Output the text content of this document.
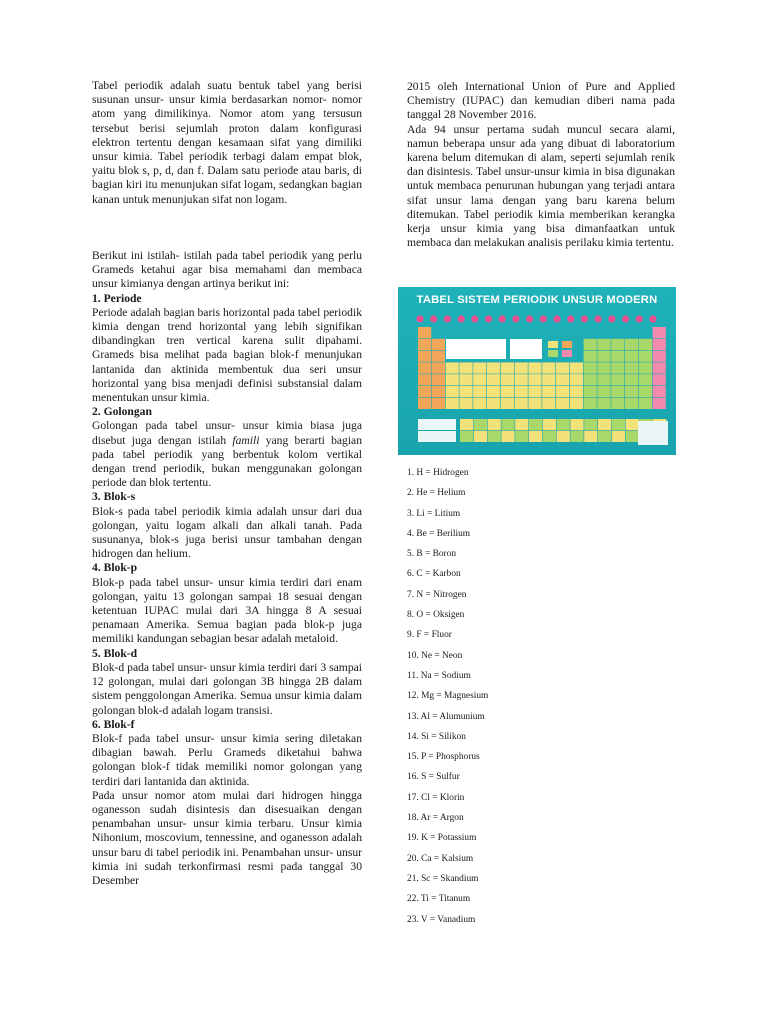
Tabel periodik adalah suatu bentuk tabel yang berisi susunan unsur- unsur kimia berdasarkan nomor- nomor atom yang dimilikinya. Nomor atom yang tersusun tersebut berisi sejumlah proton dalam konfigurasi elektron tertentu dengan kesamaan sifat yang dimiliki unsur kimia. Tabel periodik terbagi dalam empat blok, yaitu blok s, p, d, dan f. Dalam satu periode atau baris, di bagian kiri itu menunjukan sifat logam, sedangkan bagian kanan untuk menunjukan sifat non logam.

Berikut ini istilah- istilah pada tabel periodik yang perlu Grameds ketahui agar bisa memahami dan membaca unsur kimianya dengan artinya berikut ini:

1. Periode

Periode adalah bagian baris horizontal pada tabel periodik kimia dengan trend horizontal yang lebih signifikan dibandingkan tren vertical karena sulit dipahami. Grameds bisa melihat pada bagian blok-f menunjukan lantanida dan aktinida membentuk dua seri unsur horizontal yang bisa menjadi definisi substansial dalam menentukan unsur kimia.

2. Golongan

Golongan pada tabel unsur- unsur kimia biasa juga disebut juga dengan istilah famili yang berarti bagian pada tabel periodik yang berbentuk kolom vertikal dengan trend periodik, bukan menggunakan golongan periode dan blok tertentu.

3. Blok-s

Blok-s pada tabel periodik kimia adalah unsur dari dua golongan, yaitu logam alkali dan alkali tanah. Pada susunanya, blok-s juga berisi unsur tambahan dengan hidrogen dan helium.

4. Blok-p

Blok-p pada tabel unsur- unsur kimia terdiri dari enam golongan, yaitu 13 golongan sampai 18 sesuai dengan ketentuan IUPAC mulai dari 3A hingga 8 A sesuai penamaan Amerika. Semua bagian pada blok-p juga memiliki kandungan sebagian besar adalah metaloid.

5. Blok-d

Blok-d pada tabel unsur- unsur kimia terdiri dari 3 sampai 12 golongan, mulai dari golongan 3B hingga 2B dalam sistem penggolongan Amerika. Semua unsur kimia dalam golongan blok-d adalah logam transisi.

6. Blok-f

Blok-f pada tabel unsur- unsur kimia sering diletakan dibagian bawah. Perlu Grameds diketahui bahwa golongan blok-f tidak memiliki nomor golongan yang terdiri dari lantanida dan aktinida.

Pada unsur nomor atom mulai dari hidrogen hingga oganesson sudah disintesis dan disesuaikan dengan penambahan unsur- unsur kimia terbaru. Unsur kimia Nihonium, moscovium, tennessine, and oganesson adalah unsur baru di tabel periodik ini. Penambahan unsur- unsur kimia ini sudah terkonfirmasi resmi pada tanggal 30 Desember

2015 oleh International Union of Pure and Applied Chemistry (IUPAC) dan kemudian diberi nama pada tanggal 28 November 2016.

Ada 94 unsur pertama sudah muncul secara alami, namun beberapa unsur ada yang dibuat di laboratorium karena belum ditemukan di alam, seperti sejumlah renik dan disintesis. Tabel unsur-unsur kimia in bisa digunakan untuk membaca penurunan hubungan yang terjadi antara sifat unsur lama dengan yang baru karena belum ditemukan. Tabel periodik kimia memberikan kerangka kerja unsur kimia yang bisa dimanfaatkan untuk membaca dan melakukan analisis perilaku kimia tertentu.

TABEL SISTEM PERIODIK UNSUR MODERN
1. H = Hidrogen
2. He = Helium
3. Li = Litium
4. Be = Berilium
5. B = Boron
6. C = Karbon
7. N = Nitrogen
8. O = Oksigen
9. F = Fluor
10. Ne = Neon
11. Na = Sodium
12. Mg = Magnesium
13. Al = Alumunium
14. Si = Silikon
15. P = Phosphorus
16. S = Sulfur
17. Cl = Klorin
18. Ar = Argon
19. K = Potassium
20. Ca = Kalsium
21. Sc = Skandium
22. Ti = Titanum
23. V = Vanadium
